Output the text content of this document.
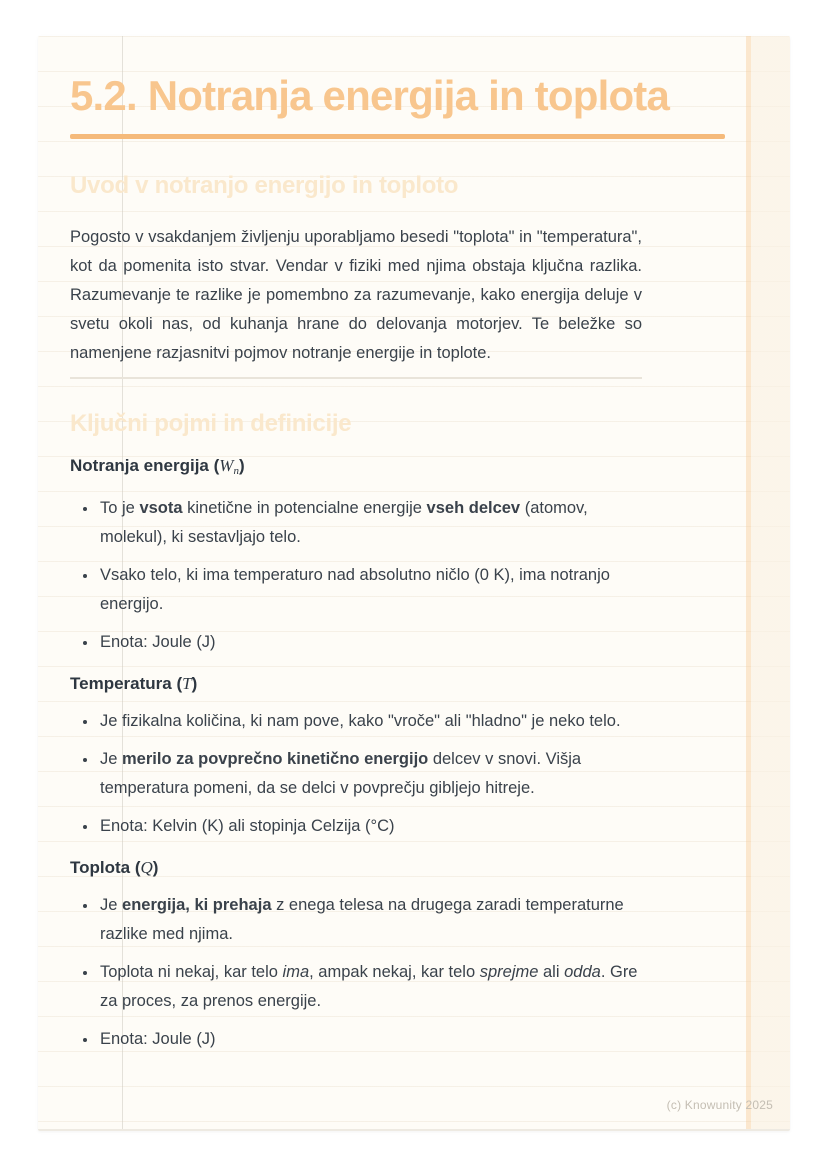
5.2. Notranja energija in toplota
Uvod v notranjo energijo in toploto

Pogosto v vsakdanjem življenju uporabljamo besedi "toplota" in "temperatura", kot da pomenita isto stvar. Vendar v fiziki med njima obstaja ključna razlika. Razumevanje te razlike je pomembno za razumevanje, kako energija deluje v svetu okoli nas, od kuhanja hrane do delovanja motorjev. Te beležke so namenjene razjasnitvi pojmov notranje energije in toplote.

Ključni pojmi in definicije
Notranja energija (Wn)
• To je vsota kinetične in potencialne energije vseh delcev (atomov, molekul), ki sestavljajo telo.
• Vsako telo, ki ima temperaturo nad absolutno ničlo (0 K), ima notranjo energijo.
• Enota: Joule (J)
Temperatura (T)
• Je fizikalna količina, ki nam pove, kako "vroče" ali "hladno" je neko telo.
• Je merilo za povprečno kinetično energijo delcev v snovi. Višja temperatura pomeni, da se delci v povprečju gibljejo hitreje.
• Enota: Kelvin (K) ali stopinja Celzija (°C)
Toplota (Q)
• Je energija, ki prehaja z enega telesa na drugega zaradi temperaturne razlike med njima.
• Toplota ni nekaj, kar telo ima, ampak nekaj, kar telo sprejme ali odda. Gre za proces, za prenos energije.
• Enota: Joule (J)
(c) Knowunity 2025
